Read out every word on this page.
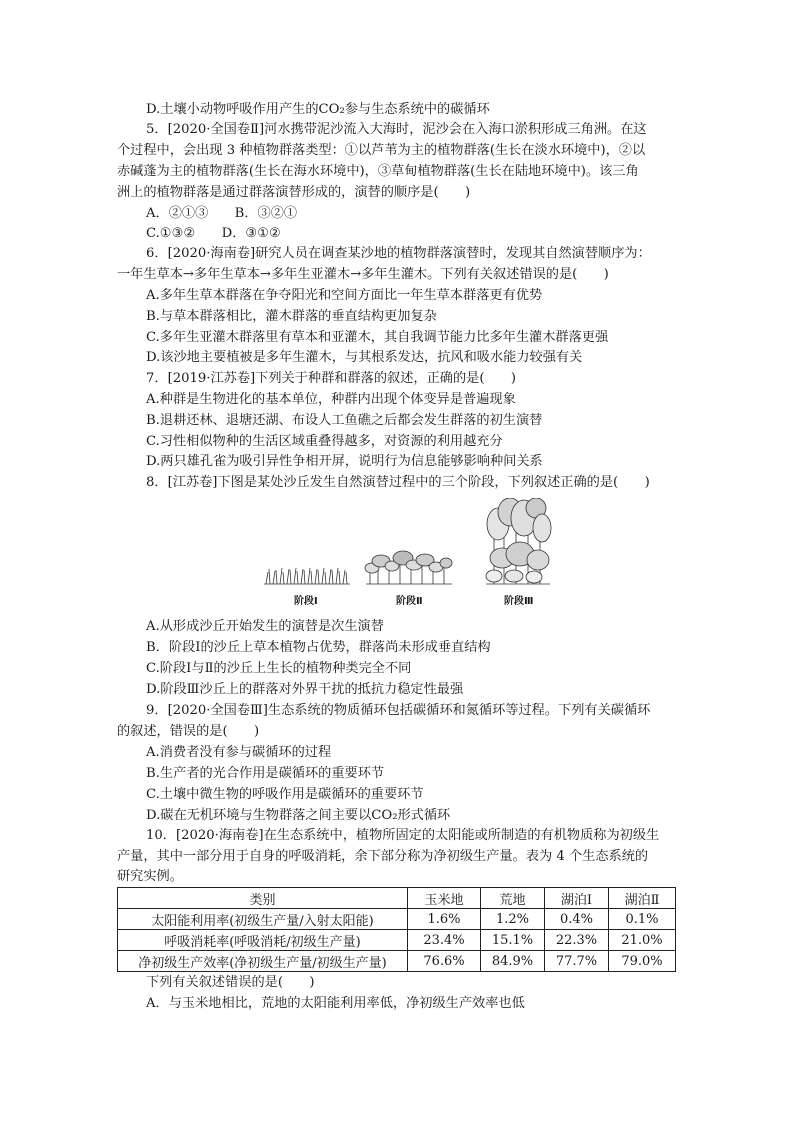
D.土壤小动物呼吸作用产生的CO₂参与生态系统中的碳循环
5．[2020·全国卷Ⅱ]河水携带泥沙流入大海时，泥沙会在入海口淤积形成三角洲。在这
个过程中，会出现 3 种植物群落类型：①以芦苇为主的植物群落(生长在淡水环境中)，②以
赤碱蓬为主的植物群落(生长在海水环境中)，③草甸植物群落(生长在陆地环境中)。该三角
洲上的植物群落是通过群落演替形成的，演替的顺序是(　　)
A．②①③　　B．③②①
C.①③②　　D．③①②
6．[2020·海南卷]研究人员在调查某沙地的植物群落演替时，发现其自然演替顺序为：
一年生草本→多年生草本→多年生亚灌木→多年生灌木。下列有关叙述错误的是(　　)
A.多年生草本群落在争夺阳光和空间方面比一年生草本群落更有优势
B.与草本群落相比，灌木群落的垂直结构更加复杂
C.多年生亚灌木群落里有草本和亚灌木，其自我调节能力比多年生灌木群落更强
D.该沙地主要植被是多年生灌木，与其根系发达，抗风和吸水能力较强有关
7．[2019·江苏卷]下列关于种群和群落的叙述，正确的是(　　)
A.种群是生物进化的基本单位，种群内出现个体变异是普遍现象
B.退耕还林、退塘还湖、布设人工鱼礁之后都会发生群落的初生演替
C.习性相似物种的生活区域重叠得越多，对资源的利用越充分
D.两只雄孔雀为吸引异性争相开屏，说明行为信息能够影响种间关系
8．[江苏卷]下图是某处沙丘发生自然演替过程中的三个阶段，下列叙述正确的是(　　)
阶段Ⅰ	阶段Ⅱ	阶段Ⅲ
A.从形成沙丘开始发生的演替是次生演替
B．阶段Ⅰ的沙丘上草本植物占优势，群落尚未形成垂直结构
C.阶段Ⅰ与Ⅱ的沙丘上生长的植物种类完全不同
D.阶段Ⅲ沙丘上的群落对外界干扰的抵抗力稳定性最强
9．[2020·全国卷Ⅲ]生态系统的物质循环包括碳循环和氮循环等过程。下列有关碳循环
的叙述，错误的是(　　)
A.消费者没有参与碳循环的过程
B.生产者的光合作用是碳循环的重要环节
C.土壤中微生物的呼吸作用是碳循环的重要环节
D.碳在无机环境与生物群落之间主要以CO₂形式循环
10．[2020·海南卷]在生态系统中，植物所固定的太阳能或所制造的有机物质称为初级生
产量，其中一部分用于自身的呼吸消耗，余下部分称为净初级生产量。表为 4 个生态系统的
研究实例。
类别	玉米地	荒地	湖泊Ⅰ	湖泊Ⅱ
太阳能利用率(初级生产量/入射太阳能)	1.6%	1.2%	0.4%	0.1%
呼吸消耗率(呼吸消耗/初级生产量)	23.4%	15.1%	22.3%	21.0%
净初级生产效率(净初级生产量/初级生产量)	76.6%	84.9%	77.7%	79.0%
下列有关叙述错误的是(　　)
A．与玉米地相比，荒地的太阳能利用率低，净初级生产效率也低
